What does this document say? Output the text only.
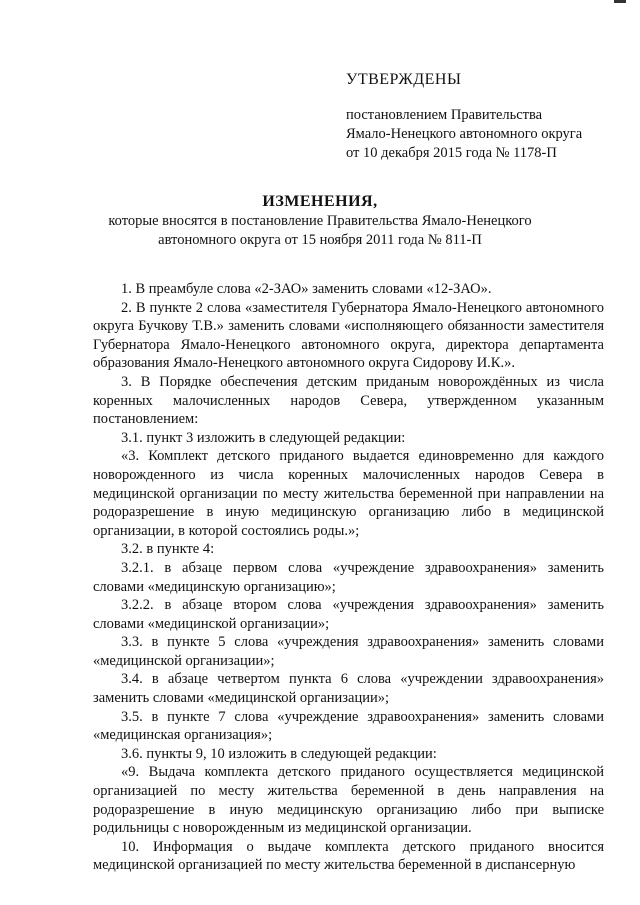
УТВЕРЖДЕНЫ
постановлением Правительства
Ямало-Ненецкого автономного округа
от 10 декабря 2015 года № 1178-П
ИЗМЕНЕНИЯ,
которые вносятся в постановление Правительства Ямало-Ненецкого
автономного округа от 15 ноября 2011 года № 811-П

1. В преамбуле слова «2-ЗАО» заменить словами «12-ЗАО».

2. В пункте 2 слова «заместителя Губернатора Ямало-Ненецкого автономного округа Бучкову Т.В.» заменить словами «исполняющего обязанности заместителя Губернатора Ямало-Ненецкого автономного округа, директора департамента образования Ямало-Ненецкого автономного округа Сидорову И.К.».

3. В Порядке обеспечения детским приданым новорождённых из числа коренных малочисленных народов Севера, утвержденном указанным постановлением:

3.1. пункт 3 изложить в следующей редакции:

«3. Комплект детского приданого выдается единовременно для каждого новорожденного из числа коренных малочисленных народов Севера в медицинской организации по месту жительства беременной при направлении на родоразрешение в иную медицинскую организацию либо в медицинской организации, в которой состоялись роды.»;

3.2. в пункте 4:

3.2.1. в абзаце первом слова «учреждение здравоохранения» заменить словами «медицинскую организацию»;

3.2.2. в абзаце втором слова «учреждения здравоохранения» заменить словами «медицинской организации»;

3.3. в пункте 5 слова «учреждения здравоохранения» заменить словами «медицинской организации»;

3.4. в абзаце четвертом пункта 6 слова «учреждении здравоохранения» заменить словами «медицинской организации»;

3.5. в пункте 7 слова «учреждение здравоохранения» заменить словами «медицинская организация»;

3.6. пункты 9, 10 изложить в следующей редакции:

«9. Выдача комплекта детского приданого осуществляется медицинской организацией по месту жительства беременной в день направления на родоразрешение в иную медицинскую организацию либо при выписке родильницы с новорожденным из медицинской организации.

10. Информация о выдаче комплекта детского приданого вносится медицинской организацией по месту жительства беременной в диспансерную
